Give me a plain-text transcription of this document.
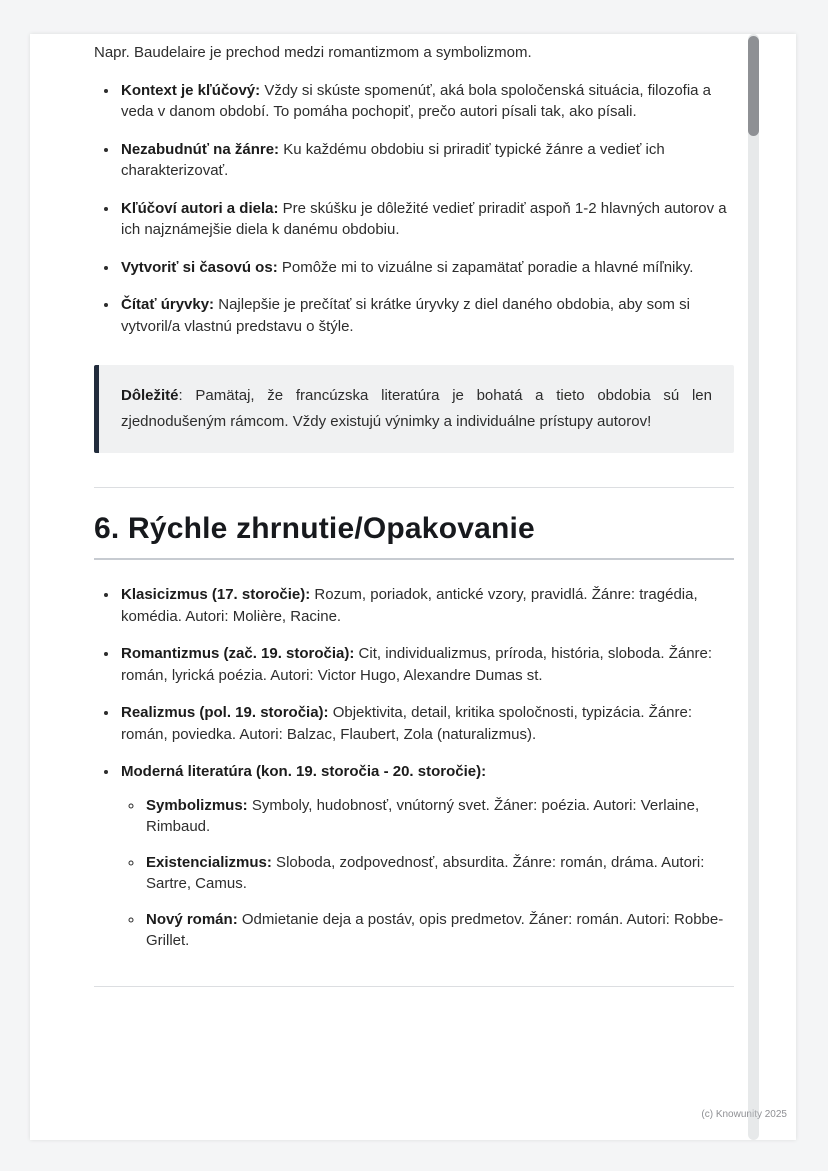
Napr. Baudelaire je prechod medzi romantizmom a symbolizmom.

• Kontext je kľúčový: Vždy si skúste spomenúť, aká bola spoločenská situácia, filozofia a veda v danom období. To pomáha pochopiť, prečo autori písali tak, ako písali.
• Nezabudnúť na žánre: Ku každému obdobiu si priradiť typické žánre a vedieť ich charakterizovať.
• Kľúčoví autori a diela: Pre skúšku je dôležité vedieť priradiť aspoň 1-2 hlavných autorov a ich najznámejšie diela k danému obdobiu.
• Vytvoriť si časovú os: Pomôže mi to vizuálne si zapamätať poradie a hlavné míľniky.
• Čítať úryvky: Najlepšie je prečítať si krátke úryvky z diel daného obdobia, aby som si vytvoril/a vlastnú predstavu o štýle.
Dôležité: Pamätaj, že francúzska literatúra je bohatá a tieto obdobia sú len zjednodušeným rámcom. Vždy existujú výnimky a individuálne prístupy autorov!
6. Rýchle zhrnutie/Opakovanie
• Klasicizmus (17. storočie): Rozum, poriadok, antické vzory, pravidlá. Žánre: tragédia, komédia. Autori: Molière, Racine.
• Romantizmus (zač. 19. storočia): Cit, individualizmus, príroda, história, sloboda. Žánre: román, lyrická poézia. Autori: Victor Hugo, Alexandre Dumas st.
• Realizmus (pol. 19. storočia): Objektivita, detail, kritika spoločnosti, typizácia. Žánre: román, poviedka. Autori: Balzac, Flaubert, Zola (naturalizmus).
• Moderná literatúra (kon. 19. storočia - 20. storočie):
◦ Symbolizmus: Symboly, hudobnosť, vnútorný svet. Žáner: poézia. Autori: Verlaine, Rimbaud.
◦ Existencializmus: Sloboda, zodpovednosť, absurdita. Žánre: román, dráma. Autori: Sartre, Camus.
◦ Nový román: Odmietanie deja a postáv, opis predmetov. Žáner: román. Autori: Robbe-Grillet.
(c) Knowunity 2025
